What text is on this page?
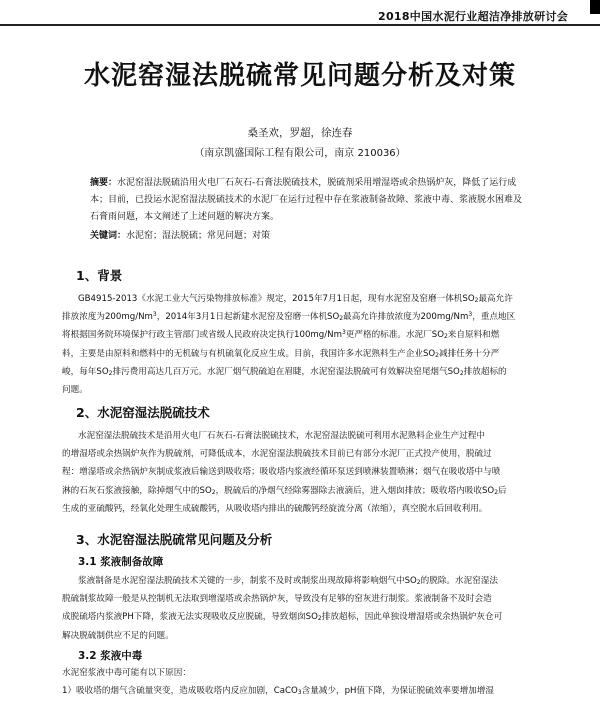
2018中国水泥行业超洁净排放研讨会
水泥窑湿法脱硫常见问题分析及对策
桑圣欢，罗超，徐连春
（南京凯盛国际工程有限公司，南京 210036）
摘要：水泥窑湿法脱硫沿用火电厂石灰石-石膏法脱硫技术，脱硫剂采用增湿塔或余热锅炉灰，降低了运行成本；目前，已投运水泥窑湿法脱硫技术的水泥厂在运行过程中存在浆液制备故障、浆液中毒、浆液脱水困难及石膏雨问题，本文阐述了上述问题的解决方案。
关键词：水泥窑；湿法脱硫；常见问题；对策
1、背景
GB4915-2013《水泥工业大气污染物排放标准》规定，2015年7月1日起，现有水泥窑及窑磨一体机$SO_2$最高允许
排放浓度为200mg/Nm$^3$，2014年3月1日起新建水泥窑及窑磨一体机$SO_2$最高允许排放浓度为200mg/Nm$^3$，重点地区
将根据国务院环境保护行政主管部门或省级人民政府决定执行100mg/Nm$^3$更严格的标准。水泥厂$SO_2$来自原料和燃
料，主要是由原料和燃料中的无机硫与有机硫氧化反应生成。目前，我国许多水泥熟料生产企业$SO_2$减排任务十分严
峻，每年$SO_2$排污费用高达几百万元。水泥厂烟气脱硫迫在眉睫，水泥窑湿法脱硫可有效解决窑尾烟气$SO_2$排放超标的
问题。
2、水泥窑湿法脱硫技术
水泥窑湿法脱硫技术是沿用火电厂石灰石-石膏法脱硫技术，水泥窑湿法脱硫可利用水泥熟料企业生产过程中
的增湿塔或余热锅炉灰作为脱硫剂，可降低成本，水泥窑湿法脱硫技术目前已有部分水泥厂正式投产使用，脱硫过
程：增湿塔或余热锅炉灰制成浆液后输送到吸收塔；吸收塔内浆液经循环泵送到喷淋装置喷淋；烟气在吸收塔中与喷
淋的石灰石浆液接触，除掉烟气中的$SO_2$，脱硫后的净烟气经除雾器除去液滴后，进入烟囱排放；吸收塔内吸收$SO_2$后
生成的亚硫酸钙，经氧化处理生成硫酸钙，从吸收塔内排出的硫酸钙经旋流分离（浓缩），真空脱水后回收利用。
3、水泥窑湿法脱硫常见问题及分析
3.1 浆液制备故障
浆液制备是水泥窑湿法脱硫技术关键的一步，制浆不及时或制浆出现故障将影响烟气中$SO_2$的脱除。水泥窑湿法
脱硫制浆故障一般是从控制机无法取到增湿塔或余热锅炉灰，导致没有足够的窑灰进行制浆。浆液制备不及时会造
成脱硫塔内浆液PH下降，浆液无法实现吸收反应脱硫，导致烟囱$SO_2$排放超标，因此单独设增湿塔或余热锅炉灰仓可
解决脱硫制供应不足的问题。
3.2 浆液中毒
水泥窑浆液中毒可能有以下原因：
1）吸收塔的烟气含硫量突变，造成吸收塔内反应加剧，CaCO$_3$含量减少，pH值下降，为保证脱硫效率要增加增湿
